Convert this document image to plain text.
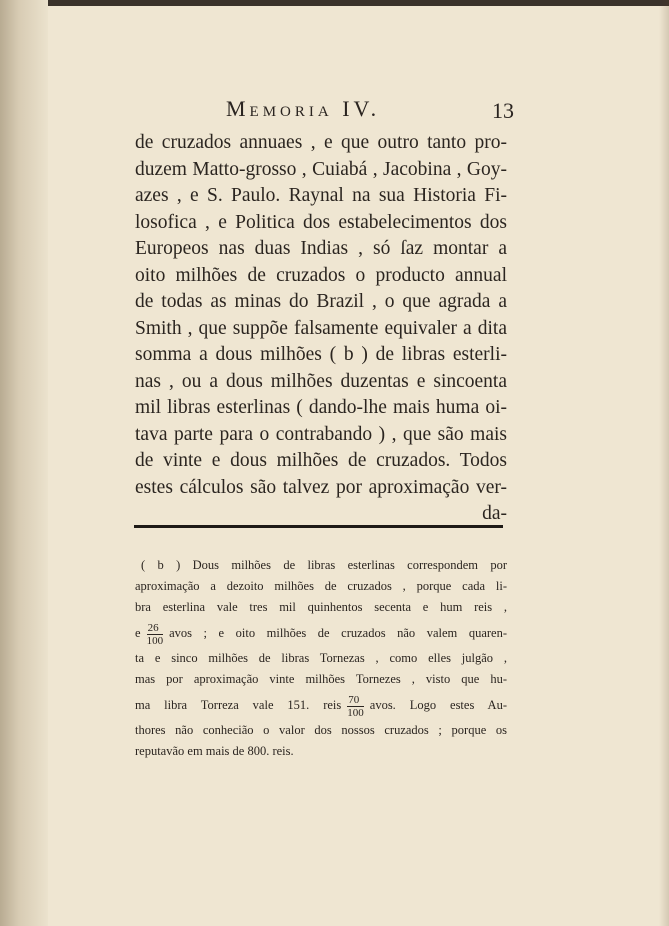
Memoria IV.	13
de cruzados annuaes , e que outro tanto pro-
duzem Matto-grosso , Cuiabá , Jacobina , Goy-
azes , e S. Paulo. Raynal na sua Historia Fi-
losofica , e Politica dos estabelecimentos dos
Europeos nas duas Indias , só ſaz montar a
oito milhões de cruzados o producto annual
de todas as minas do Brazil , o que agrada a
Smith , que suppõe falsamente equivaler a dita
somma a dous milhões ( b ) de libras esterli-
nas , ou a dous milhões duzentas e sincoenta
mil libras esterlinas ( dando-lhe mais huma oi-
tava parte para o contrabando ) , que são mais
de vinte e dous milhões de cruzados. Todos
estes cálculos são talvez por aproximação ver-
da-
( b ) Dous milhões de libras esterlinas correspondem por
aproximação a dezoito milhões de cruzados , porque cada li-
bra esterlina vale tres mil quinhentos secenta e hum reis ,
e $\frac{26}{100}$ avos ; e oito milhões de cruzados não valem quaren-
ta e sinco milhões de libras Tornezas , como elles julgão ,
mas por aproximação vinte milhões Tornezes , visto que hu-
ma libra Torreza vale 151. reis $\frac{70}{100}$ avos. Logo estes Au-
thores não conhecião o valor dos nossos cruzados ; porque os
reputavão em mais de 800. reis.
